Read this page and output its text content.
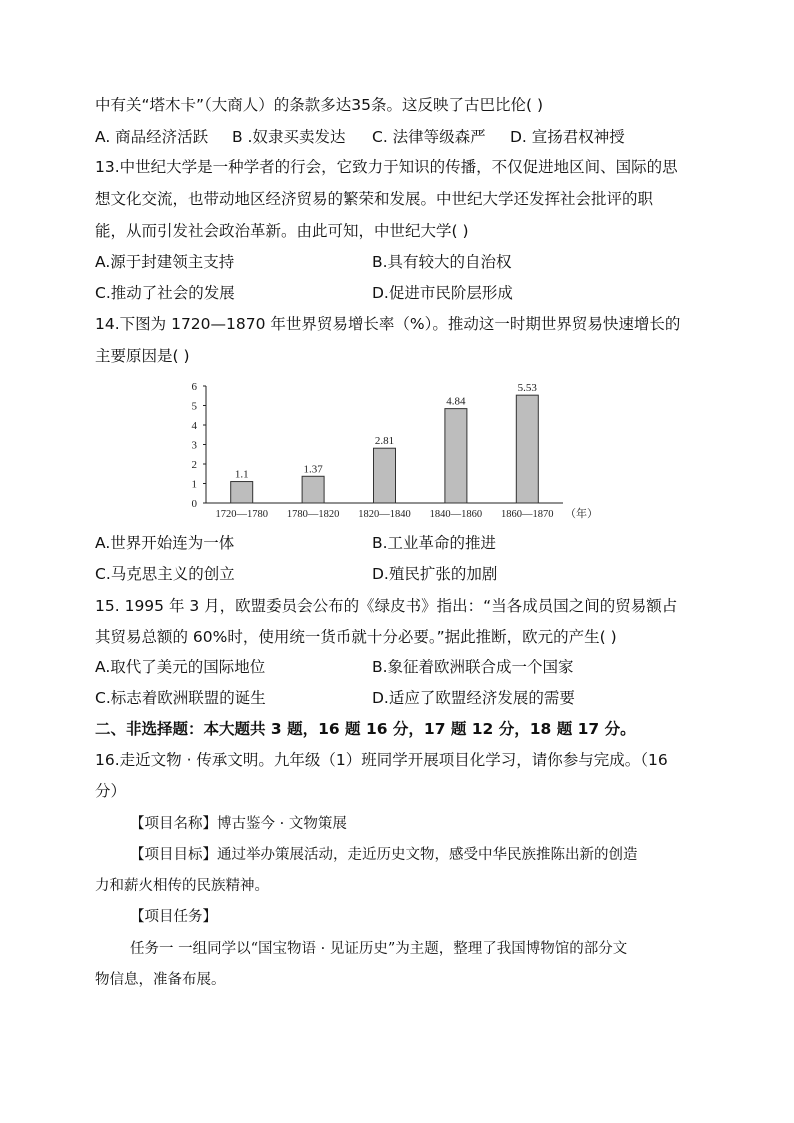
中有关“塔木卡”（大商人）的条款多达35条。这反映了古巴比伦( )
A. 商品经济活跃 B .奴隶买卖发达 C. 法律等级森严 D. 宣扬君权神授
13.中世纪大学是一种学者的行会，它致力于知识的传播，不仅促进地区间、国际的思
想文化交流，也带动地区经济贸易的繁荣和发展。中世纪大学还发挥社会批评的职
能，从而引发社会政治革新。由此可知，中世纪大学( )
A.源于封建领主支持	B.具有较大的自治权
C.推动了社会的发展	D.促进市民阶层形成
14.下图为 1720—1870 年世界贸易增长率（%）。推动这一时期世界贸易快速增长的
主要原因是( )
0
1
2
3
4
5
6
1.1	1.37
2.81
4.84
5.53
1720—1780 1780—1820 1820—1840 1840—1860 1860—1870 （年）
A.世界开始连为一体	B.工业革命的推进
C.马克思主义的创立	D.殖民扩张的加剧
15. 1995 年 3 月，欧盟委员会公布的《绿皮书》指出：“当各成员国之间的贸易额占
其贸易总额的 60%时，使用统一货币就十分必要。”据此推断，欧元的产生( )
A.取代了美元的国际地位	B.象征着欧洲联合成一个国家
C.标志着欧洲联盟的诞生	D.适应了欧盟经济发展的需要
二、非选择题：本大题共 3 题，16 题 16 分，17 题 12 分，18 题 17 分。
16.走近文物 · 传承文明。九年级（1）班同学开展项目化学习，请你参与完成。（16
分）
【项目名称】博古鉴今 · 文物策展
【项目目标】通过举办策展活动，走近历史文物，感受中华民族推陈出新的创造
力和薪火相传的民族精神。
【项目任务】
任务一 一组同学以“国宝物语 · 见证历史”为主题，整理了我国博物馆的部分文
物信息，准备布展。
